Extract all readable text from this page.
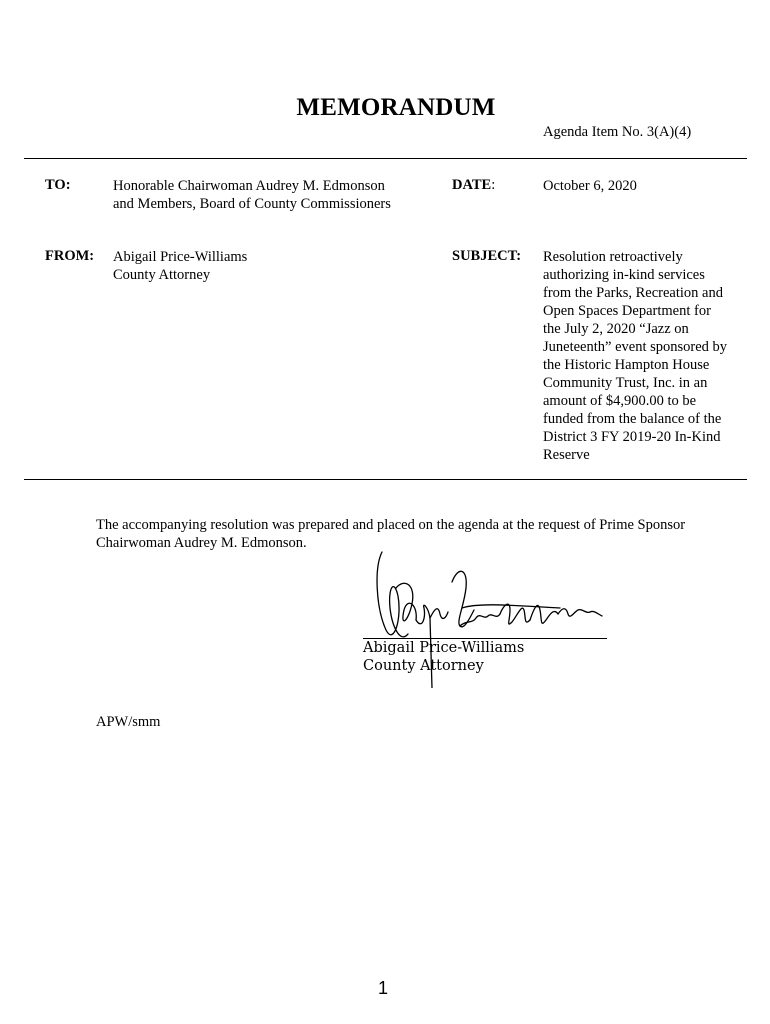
MEMORANDUM
Agenda Item No. 3(A)(4)
TO:	Honorable Chairwoman Audrey M. Edmonson
and Members, Board of County Commissioners
DATE:	October 6, 2020
FROM: Abigail Price-Williams
County Attorney
SUBJECT: Resolution retroactively
authorizing in-kind services
from the Parks, Recreation and
Open Spaces Department for
the July 2, 2020 “Jazz on
Juneteenth” event sponsored by
the Historic Hampton House
Community Trust, Inc. in an
amount of $4,900.00 to be
funded from the balance of the
District 3 FY 2019-20 In-Kind
Reserve
The accompanying resolution was prepared and placed on the agenda at the request of Prime Sponsor
Chairwoman Audrey M. Edmonson.
Abigail Price-Williams
County Attorney
APW/smm
1
